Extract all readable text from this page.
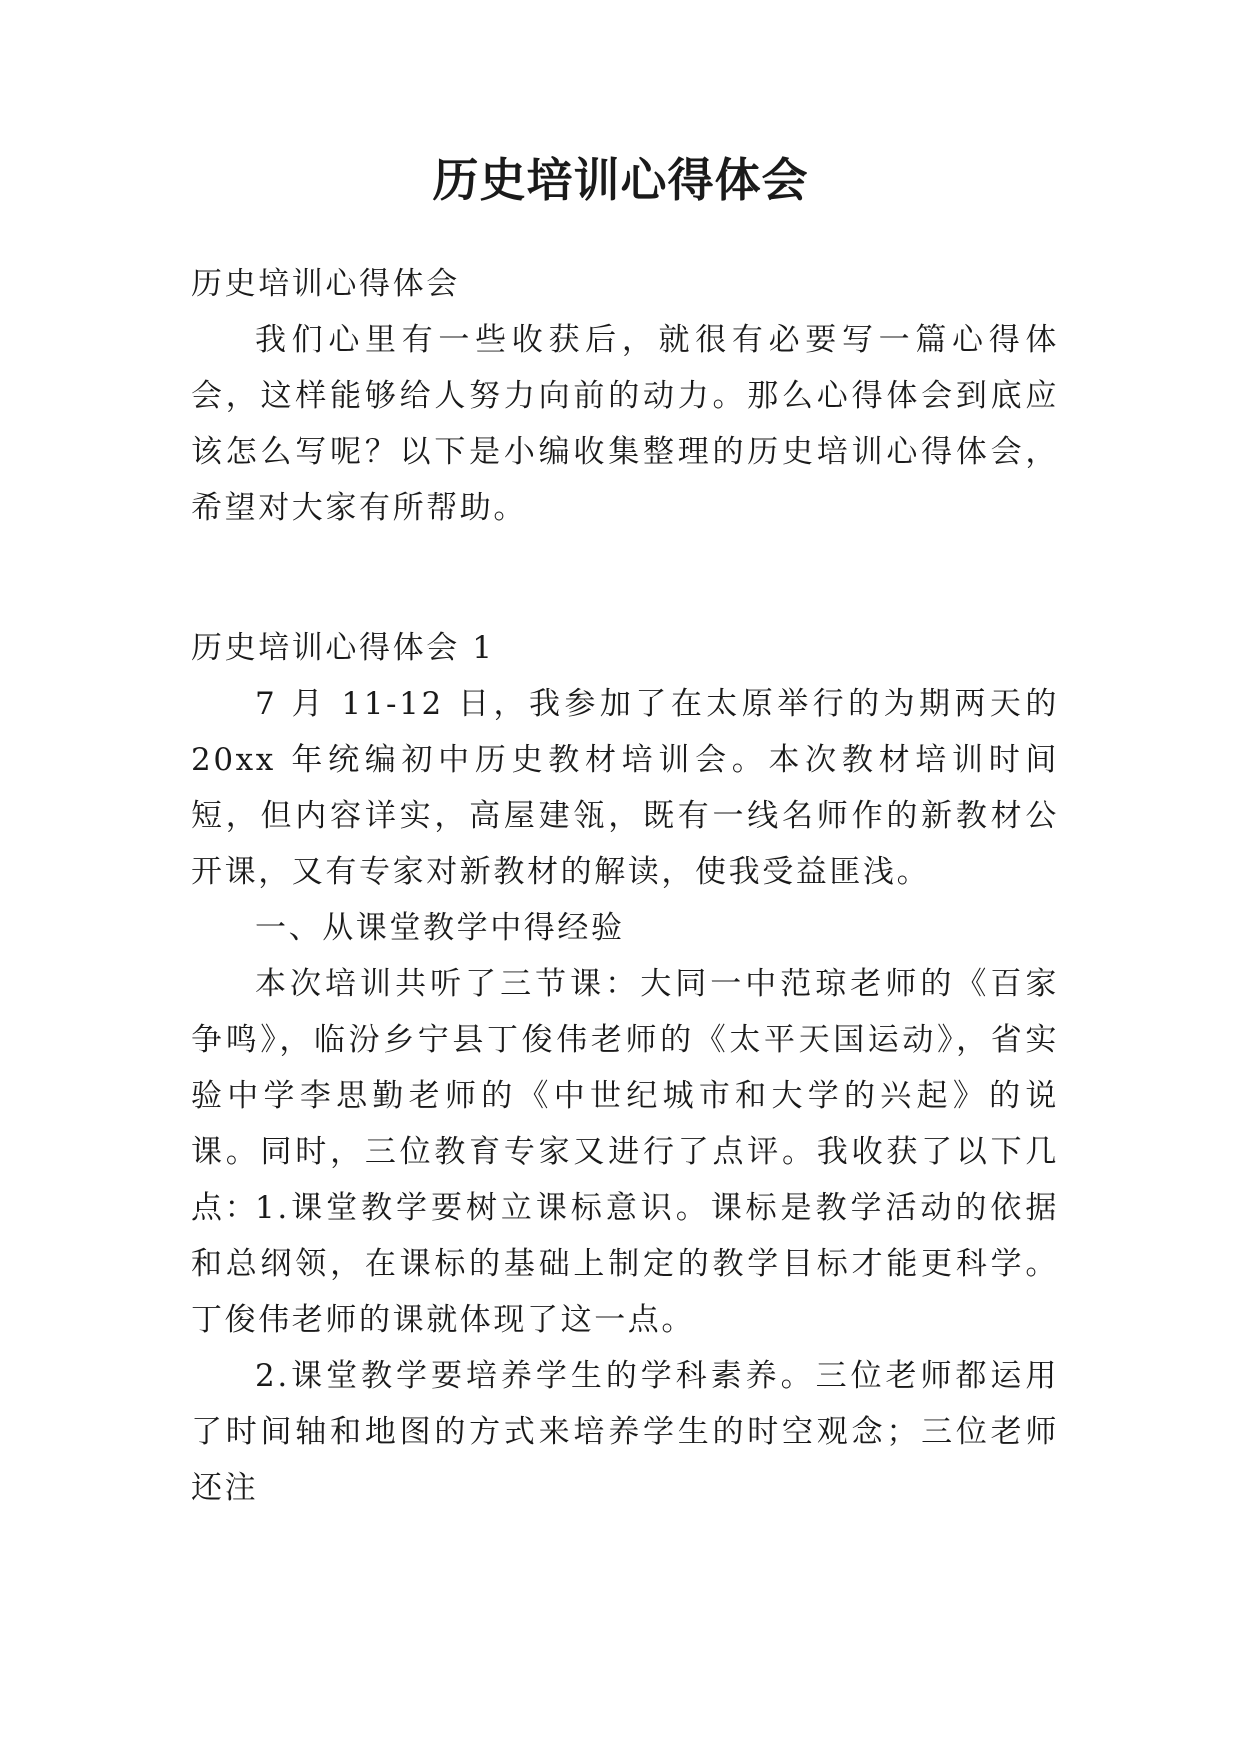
历史培训心得体会

历史培训心得体会

我们心里有一些收获后，就很有必要写一篇心得体会，这样能够给人努力向前的动力。那么心得体会到底应该怎么写呢？以下是小编收集整理的历史培训心得体会，希望对大家有所帮助。

历史培训心得体会 1

7 月 11-12 日，我参加了在太原举行的为期两天的 20xx 年统编初中历史教材培训会。本次教材培训时间短，但内容详实，高屋建瓴，既有一线名师作的新教材公开课，又有专家对新教材的解读，使我受益匪浅。

一、从课堂教学中得经验

本次培训共听了三节课：大同一中范琼老师的《百家争鸣》，临汾乡宁县丁俊伟老师的《太平天国运动》，省实验中学李思勤老师的《中世纪城市和大学的兴起》的说课。同时，三位教育专家又进行了点评。我收获了以下几点：

1.课堂教学要树立课标意识。课标是教学活动的依据和总纲领，在课标的基础上制定的教学目标才能更科学。丁俊伟老师的课就体现了这一点。

2.课堂教学要培养学生的学科素养。三位老师都运用了时间轴和地图的方式来培养学生的时空观念；三位老师还注
